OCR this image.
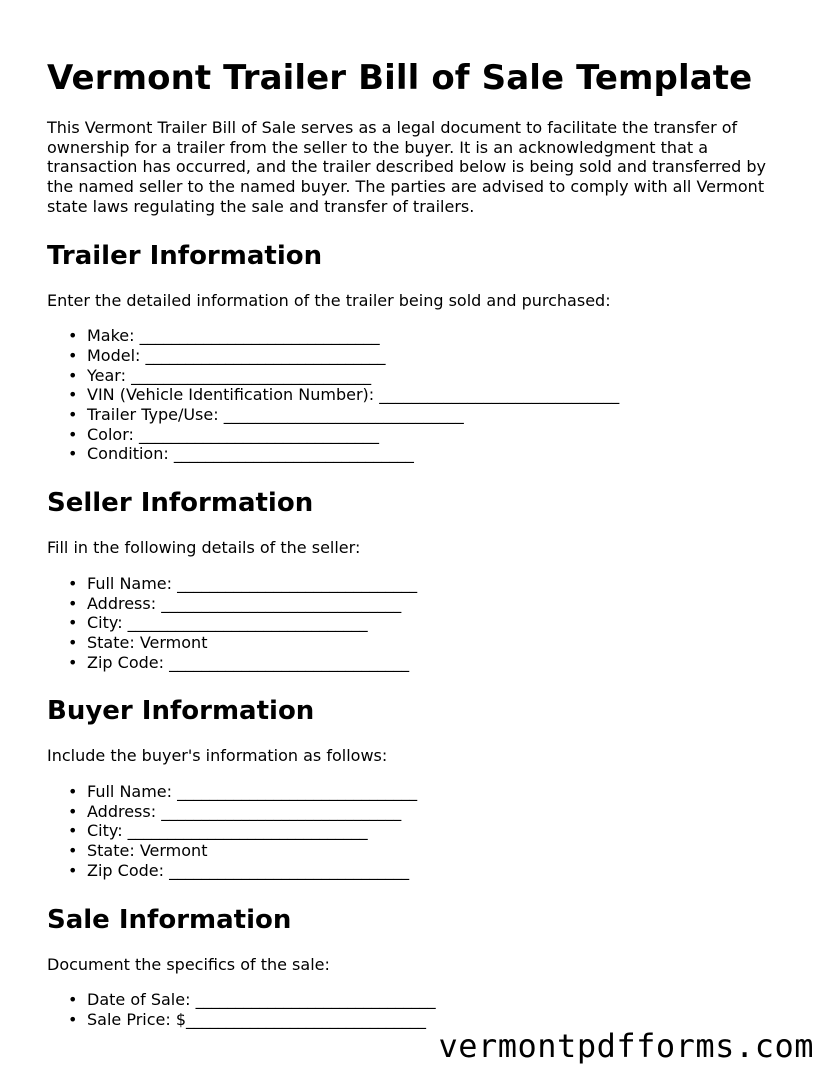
Vermont Trailer Bill of Sale Template

This Vermont Trailer Bill of Sale serves as a legal document to facilitate the transfer of ownership for a trailer from the seller to the buyer. It is an acknowledgment that a transaction has occurred, and the trailer described below is being sold and transferred by the named seller to the named buyer. The parties are advised to comply with all Vermont state laws regulating the sale and transfer of trailers.

Trailer Information

Enter the detailed information of the trailer being sold and purchased:

• Make: ______________________________
• Model: ______________________________
• Year: ______________________________
• VIN (Vehicle Identification Number): ______________________________
• Trailer Type/Use: ______________________________
• Color: ______________________________
• Condition: ______________________________
Seller Information

Fill in the following details of the seller:

• Full Name: ______________________________
• Address: ______________________________
• City: ______________________________
• State: Vermont
• Zip Code: ______________________________
Buyer Information

Include the buyer's information as follows:

• Full Name: ______________________________
• Address: ______________________________
• City: ______________________________
• State: Vermont
• Zip Code: ______________________________
Sale Information

Document the specifics of the sale:

• Date of Sale: ______________________________
• Sale Price: $______________________________
vermontpdfforms.com
